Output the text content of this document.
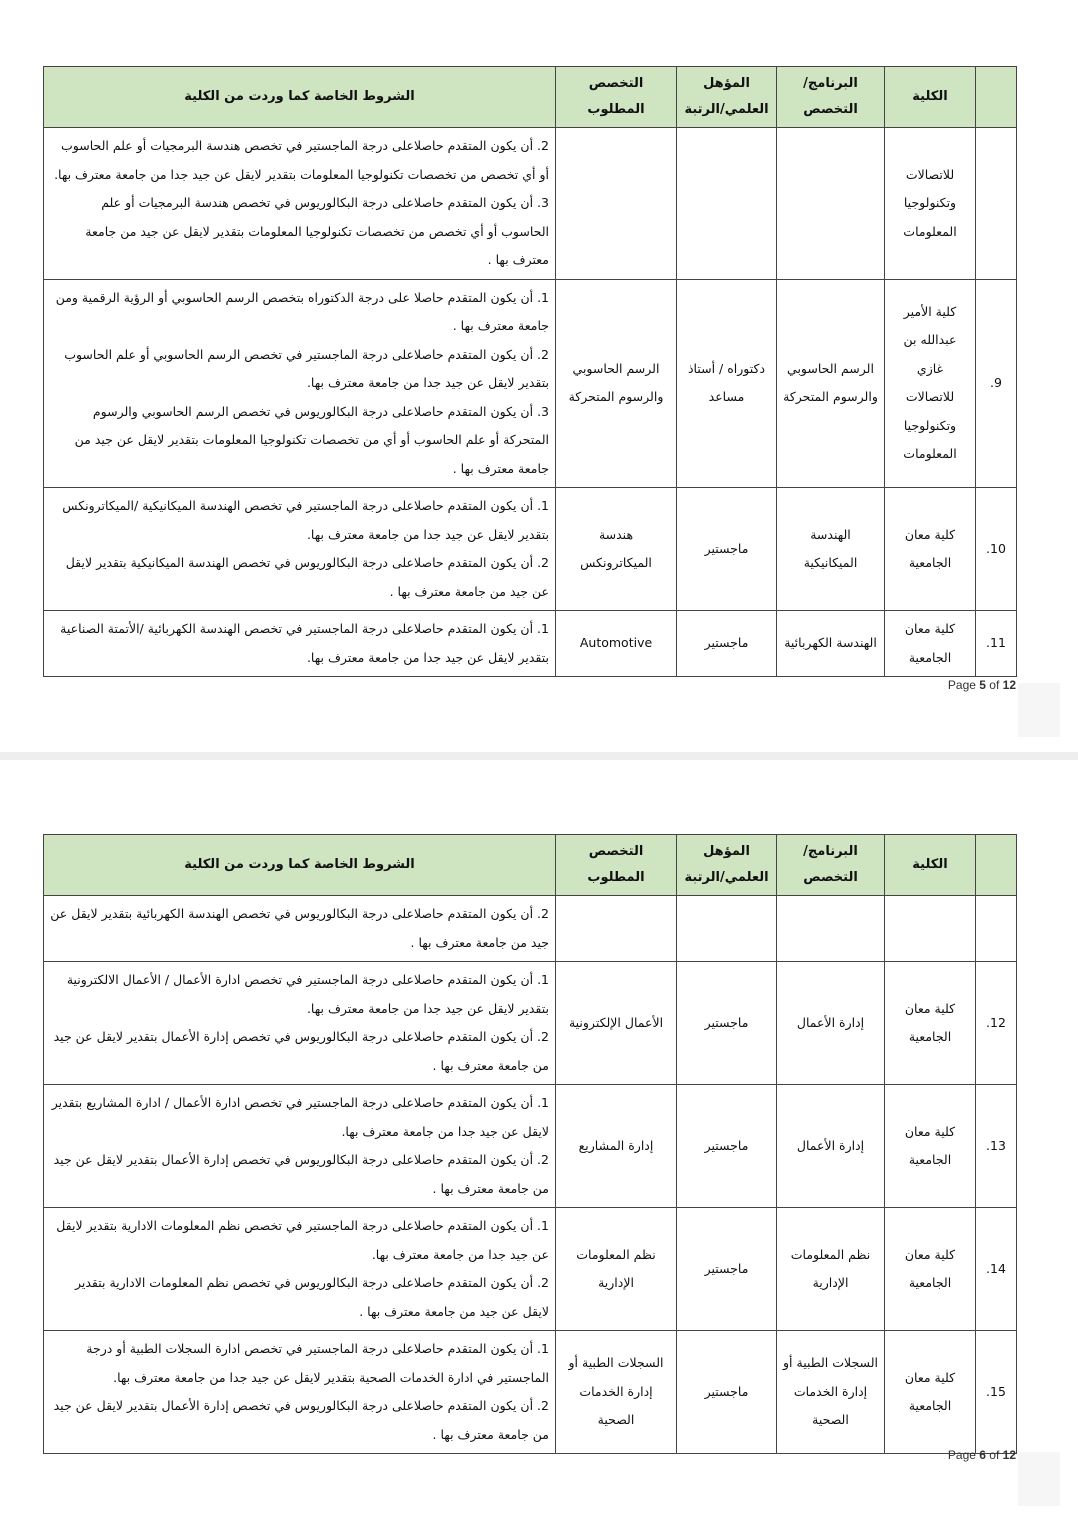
	الكلية	البرنامج/ التخصص	المؤهل العلمي/الرتبة	التخصص المطلوب	الشروط الخاصة كما وردت من الكلية
	للاتصالات وتكنولوجيا المعلومات				2. أن يكون المتقدم حاصلاعلى درجة الماجستير في تخصص هندسة البرمجيات أو علم الحاسوب أو أي تخصص من تخصصات تكنولوجيا المعلومات بتقدير لايقل عن جيد جدا من جامعة معترف بها.
3. أن يكون المتقدم حاصلاعلى درجة البكالوريوس في تخصص هندسة البرمجيات أو علم الحاسوب أو أي تخصص من تخصصات تكنولوجيا المعلومات بتقدير لايقل عن جيد من جامعة معترف بها .

9.	كلية الأمير عبدالله بن غازي للاتصالات وتكنولوجيا المعلومات	الرسم الحاسوبي والرسوم المتحركة	دكتوراه / أستاذ مساعد	الرسم الحاسوبي والرسوم المتحركة	1. أن يكون المتقدم حاصلا على درجة الدكتوراه بتخصص الرسم الحاسوبي أو الرؤية الرقمية ومن جامعة معترف بها .
2. أن يكون المتقدم حاصلاعلى درجة الماجستير في تخصص الرسم الحاسوبي أو علم الحاسوب بتقدير لايقل عن جيد جدا من جامعة معترف بها.
3. أن يكون المتقدم حاصلاعلى درجة البكالوريوس في تخصص الرسم الحاسوبي والرسوم المتحركة أو علم الحاسوب أو أي من تخصصات تكنولوجيا المعلومات بتقدير لايقل عن جيد من جامعة معترف بها .

10.	كلية معان الجامعية	الهندسة الميكانيكية	ماجستير	هندسة الميكاترونكس	1. أن يكون المتقدم حاصلاعلى درجة الماجستير في تخصص الهندسة الميكانيكية /الميكاترونكس بتقدير لايقل عن جيد جدا من جامعة معترف بها.
2. أن يكون المتقدم حاصلاعلى درجة البكالوريوس في تخصص الهندسة الميكانيكية بتقدير لايقل عن جيد من جامعة معترف بها .

11.	كلية معان الجامعية	الهندسة الكهربائية	ماجستير	Automotive	1. أن يكون المتقدم حاصلاعلى درجة الماجستير في تخصص الهندسة الكهربائية /الأتمتة الصناعية بتقدير لايقل عن جيد جدا من جامعة معترف بها.
Page 5 of 12
	الكلية	البرنامج/ التخصص	المؤهل العلمي/الرتبة	التخصص المطلوب	الشروط الخاصة كما وردت من الكلية

					2. أن يكون المتقدم حاصلاعلى درجة البكالوريوس في تخصص الهندسة الكهربائية بتقدير لايقل عن جيد من جامعة معترف بها .

12.	كلية معان الجامعية	إدارة الأعمال	ماجستير	الأعمال الإلكترونية	1. أن يكون المتقدم حاصلاعلى درجة الماجستير في تخصص ادارة الأعمال / الأعمال الالكترونية بتقدير لايقل عن جيد جدا من جامعة معترف بها.
2. أن يكون المتقدم حاصلاعلى درجة البكالوريوس في تخصص إدارة الأعمال بتقدير لايقل عن جيد من جامعة معترف بها .

13.	كلية معان الجامعية	إدارة الأعمال	ماجستير	إدارة المشاريع	1. أن يكون المتقدم حاصلاعلى درجة الماجستير في تخصص ادارة الأعمال / ادارة المشاريع بتقدير لايقل عن جيد جدا من جامعة معترف بها.
2. أن يكون المتقدم حاصلاعلى درجة البكالوريوس في تخصص إدارة الأعمال بتقدير لايقل عن جيد من جامعة معترف بها .

14.	كلية معان الجامعية	نظم المعلومات الإدارية	ماجستير	نظم المعلومات الإدارية	1. أن يكون المتقدم حاصلاعلى درجة الماجستير في تخصص نظم المعلومات الادارية بتقدير لايقل عن جيد جدا من جامعة معترف بها.
2. أن يكون المتقدم حاصلاعلى درجة البكالوريوس في تخصص نظم المعلومات الادارية بتقدير لايقل عن جيد من جامعة معترف بها .

15.	كلية معان الجامعية	السجلات الطبية أو إدارة الخدمات الصحية	ماجستير	السجلات الطبية أو إدارة الخدمات الصحية	1. أن يكون المتقدم حاصلاعلى درجة الماجستير في تخصص ادارة السجلات الطبية أو درجة الماجستير في ادارة الخدمات الصحية بتقدير لايقل عن جيد جدا من جامعة معترف بها.
2. أن يكون المتقدم حاصلاعلى درجة البكالوريوس في تخصص إدارة الأعمال بتقدير لايقل عن جيد من جامعة معترف بها .
Page 6 of 12
